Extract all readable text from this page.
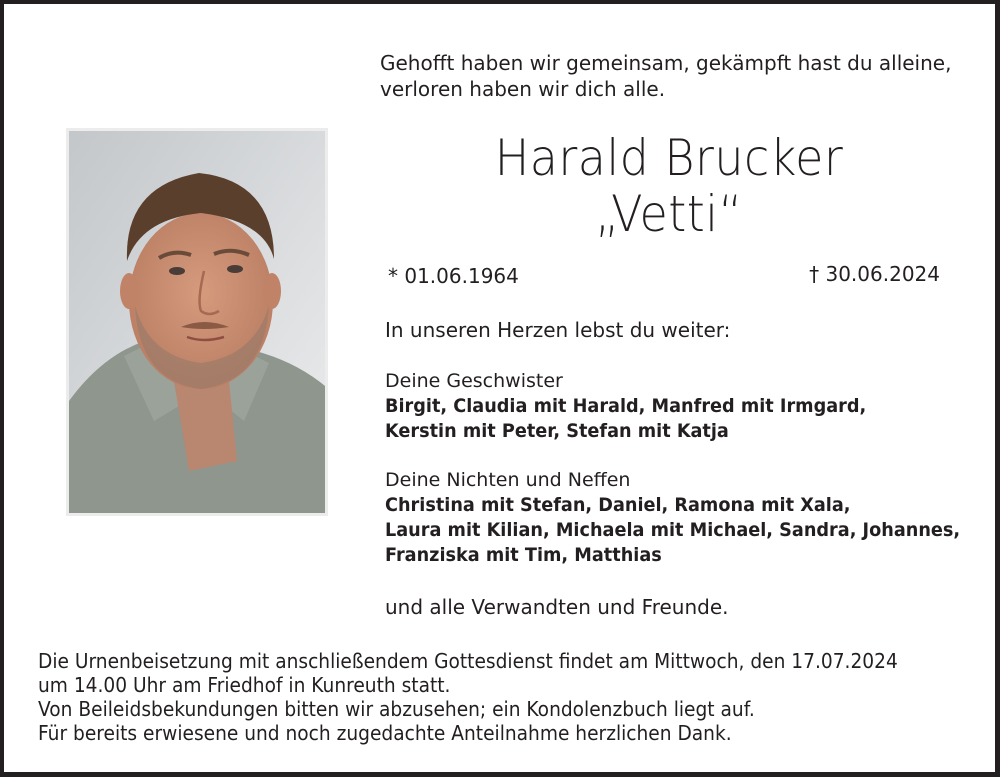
Gehofft haben wir gemeinsam, gekämpft hast du alleine,
verloren haben wir dich alle.
Harald Brucker
„Vetti“
* 01.06.1964	† 30.06.2024
In unseren Herzen lebst du weiter:
Deine Geschwister
Birgit, Claudia mit Harald, Manfred mit Irmgard,
Kerstin mit Peter, Stefan mit Katja
Deine Nichten und Neffen
Christina mit Stefan, Daniel, Ramona mit Xala,
Laura mit Kilian, Michaela mit Michael, Sandra, Johannes,
Franziska mit Tim, Matthias
und alle Verwandten und Freunde.
Die Urnenbeisetzung mit anschließendem Gottesdienst findet am Mittwoch, den 17.07.2024
um 14.00 Uhr am Friedhof in Kunreuth statt.
Von Beileidsbekundungen bitten wir abzusehen; ein Kondolenzbuch liegt auf.
Für bereits erwiesene und noch zugedachte Anteilnahme herzlichen Dank.
